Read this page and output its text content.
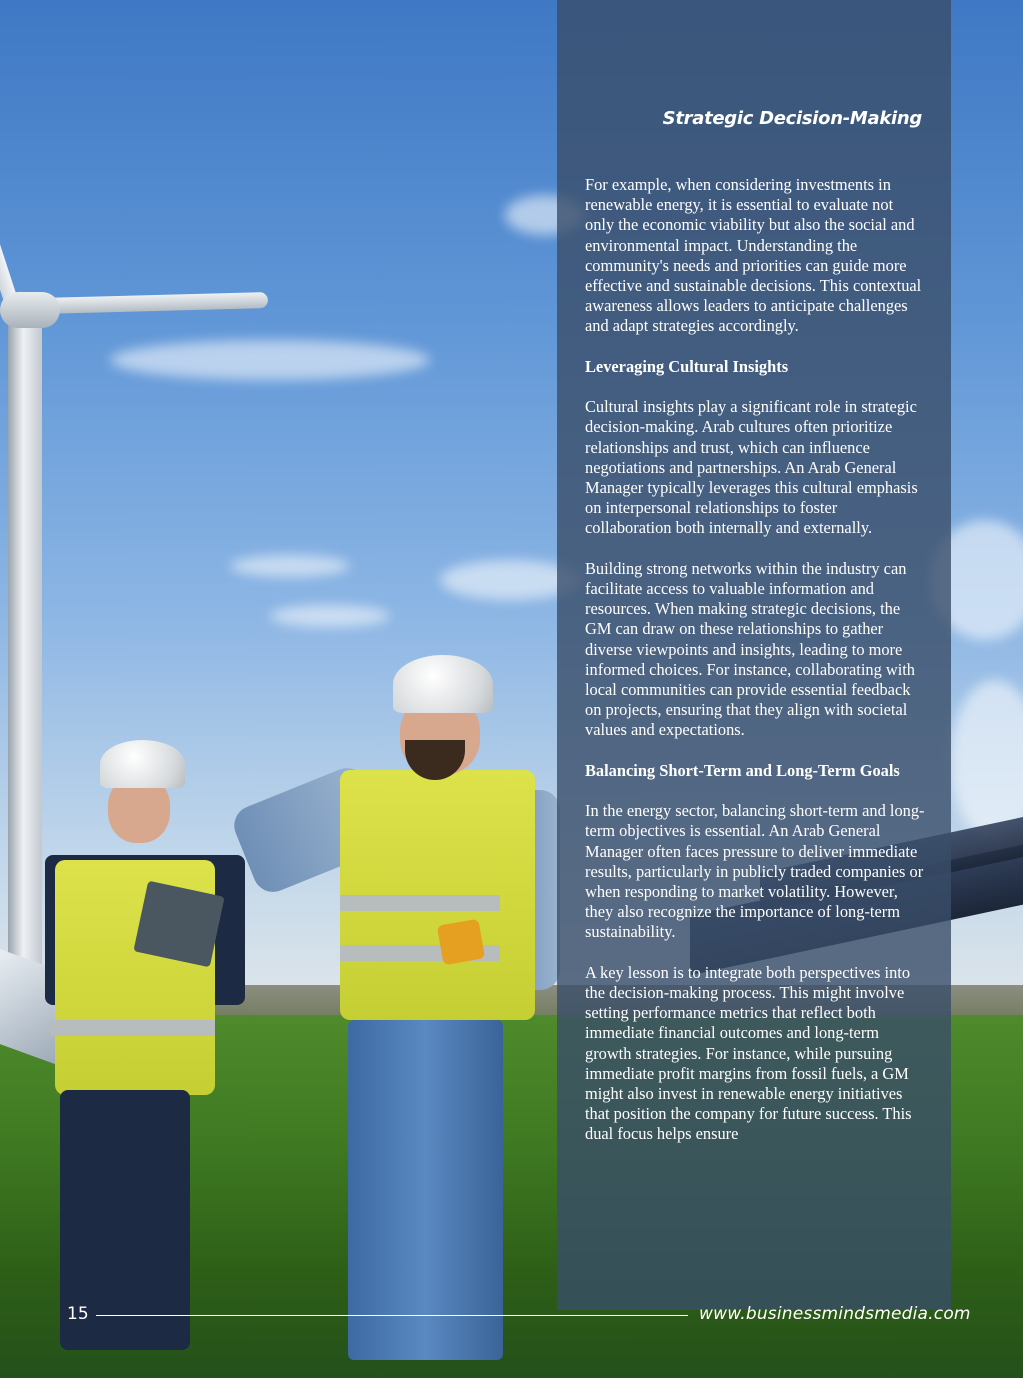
Strategic Decision-Making

For example, when considering investments in renewable energy, it is essential to evaluate not only the economic viability but also the social and environmental impact. Understanding the community's needs and priorities can guide more effective and sustainable decisions. This contextual awareness allows leaders to anticipate challenges and adapt strategies accordingly.

Leveraging Cultural Insights

Cultural insights play a significant role in strategic decision-making. Arab cultures often prioritize relationships and trust, which can influence negotiations and partnerships. An Arab General Manager typically leverages this cultural emphasis on interpersonal relationships to foster collaboration both internally and externally.

Building strong networks within the industry can facilitate access to valuable information and resources. When making strategic decisions, the GM can draw on these relationships to gather diverse viewpoints and insights, leading to more informed choices. For instance, collaborating with local communities can provide essential feedback on projects, ensuring that they align with societal values and expectations.

Balancing Short-Term and Long-Term Goals

In the energy sector, balancing short-term and long-term objectives is essential. An Arab General Manager often faces pressure to deliver immediate results, particularly in publicly traded companies or when responding to market volatility. However, they also recognize the importance of long-term sustainability.

A key lesson is to integrate both perspectives into the decision-making process. This might involve setting performance metrics that reflect both immediate financial outcomes and long-term growth strategies. For instance, while pursuing immediate profit margins from fossil fuels, a GM might also invest in renewable energy initiatives that position the company for future success. This dual focus helps ensure

15	www.businessmindsmedia.com
